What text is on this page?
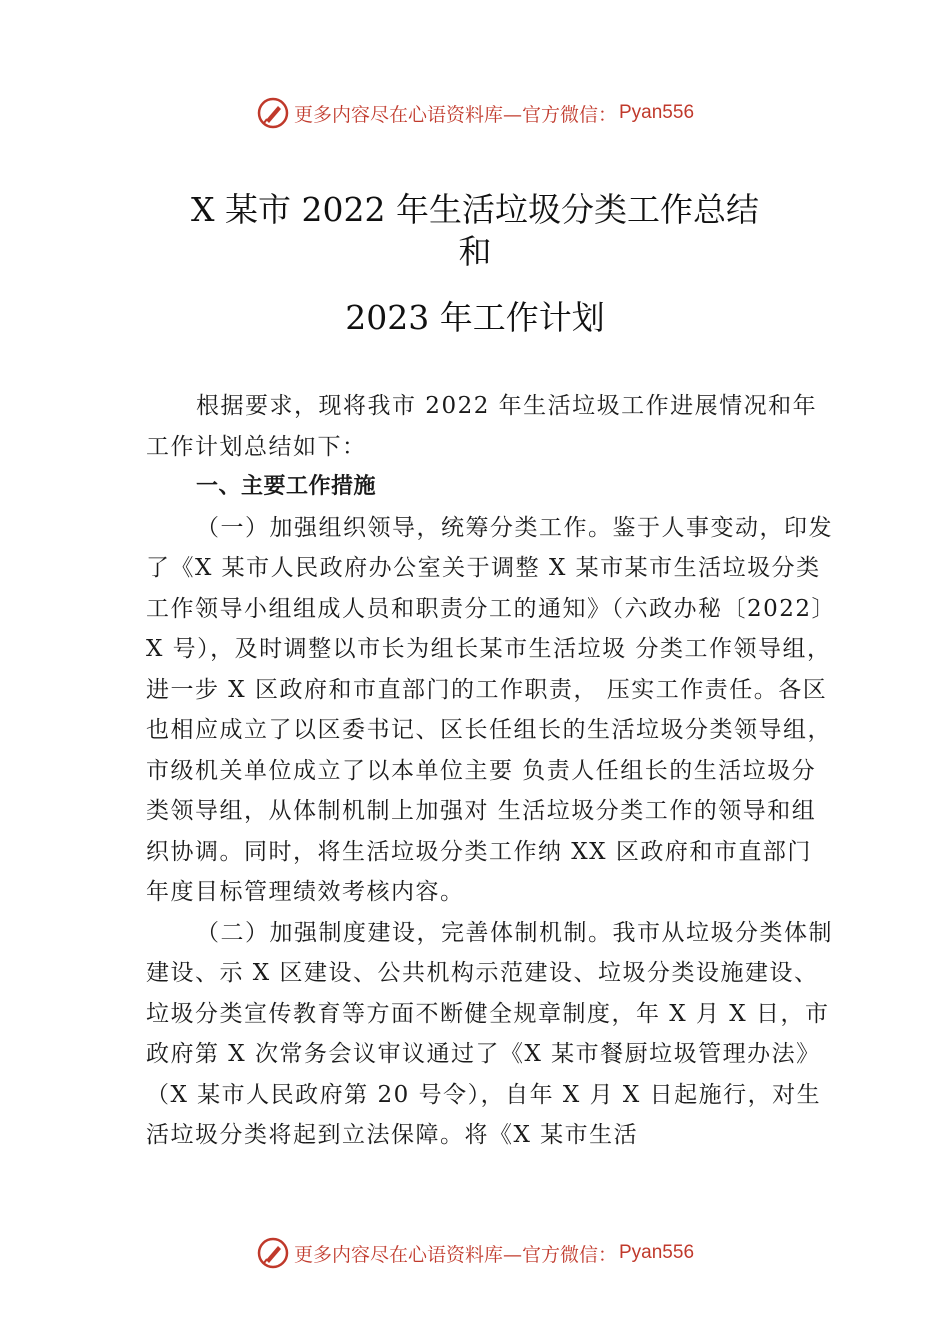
更多内容尽在心语资料库—官方微信： Pyan556
X 某市 2022 年生活垃圾分类工作总结
和
2023 年工作计划

根据要求，现将我市 2022 年生活垃圾工作进展情况和年工作计划总结如下：

一、主要工作措施

（一）加强组织领导，统筹分类工作。鉴于人事变动，印发了《X 某市人民政府办公室关于调整 X 某市某市生活垃圾分类工作领导小组组成人员和职责分工的通知》（六政办秘〔2022〕X 号），及时调整以市长为组长某市生活垃圾 分类工作领导组，进一步 X 区政府和市直部门的工作职责， 压实工作责任。各区也相应成立了以区委书记、区长任组长的生活垃圾分类领导组，市级机关单位成立了以本单位主要 负责人任组长的生活垃圾分类领导组，从体制机制上加强对 生活垃圾分类工作的领导和组织协调。同时，将生活垃圾分类工作纳 XX 区政府和市直部门年度目标管理绩效考核内容。

（二）加强制度建设，完善体制机制。我市从垃圾分类体制建设、示 X 区建设、公共机构示范建设、垃圾分类设施建设、垃圾分类宣传教育等方面不断健全规章制度，年 X 月 X 日，市政府第 X 次常务会议审议通过了《X 某市餐厨垃圾管理办法》（X 某市人民政府第 20 号令），自年 X 月 X 日起施行，对生活垃圾分类将起到立法保障。将《X 某市生活

更多内容尽在心语资料库—官方微信： Pyan556
